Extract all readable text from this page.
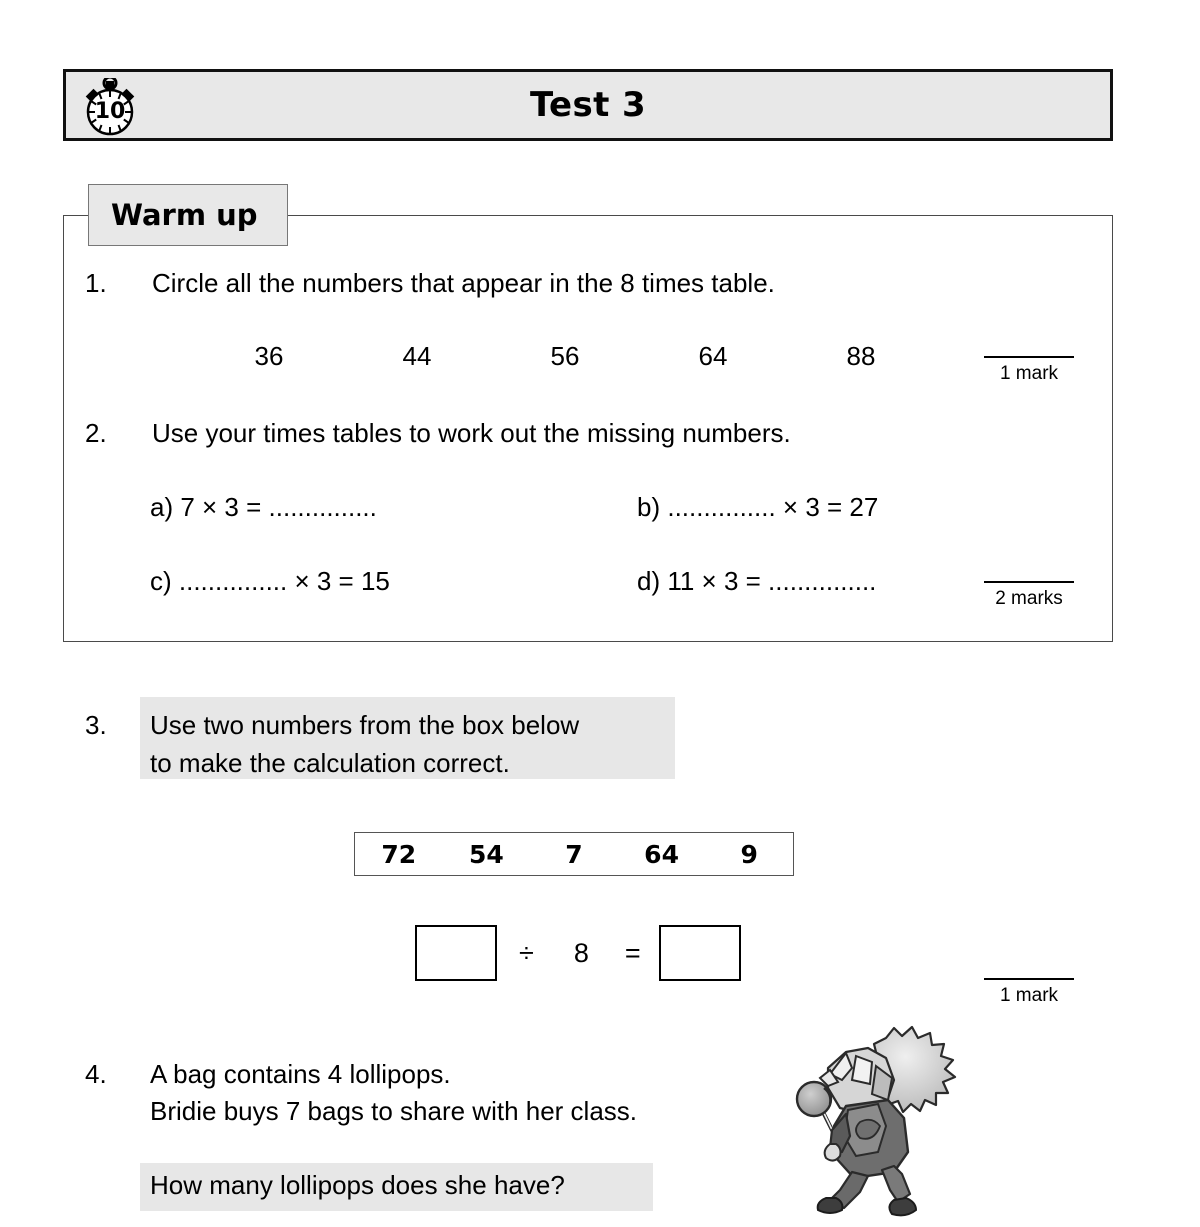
10	Test 3
Warm up
1. Circle all the numbers that appear in the 8 times table.
36	44	56	64	88
1 mark
2. Use your times tables to work out the missing numbers.
a) 7 × 3 = ...............	b) ............... × 3 = 27
c) ............... × 3 = 15	d) 11 × 3 = ...............
2 marks
3. Use two numbers from the box below
to make the calculation correct.
72	54	7	64	9
÷ 8 =
1 mark
4. A bag contains 4 lollipops.
Bridie buys 7 bags to share with her class.
How many lollipops does she have?
